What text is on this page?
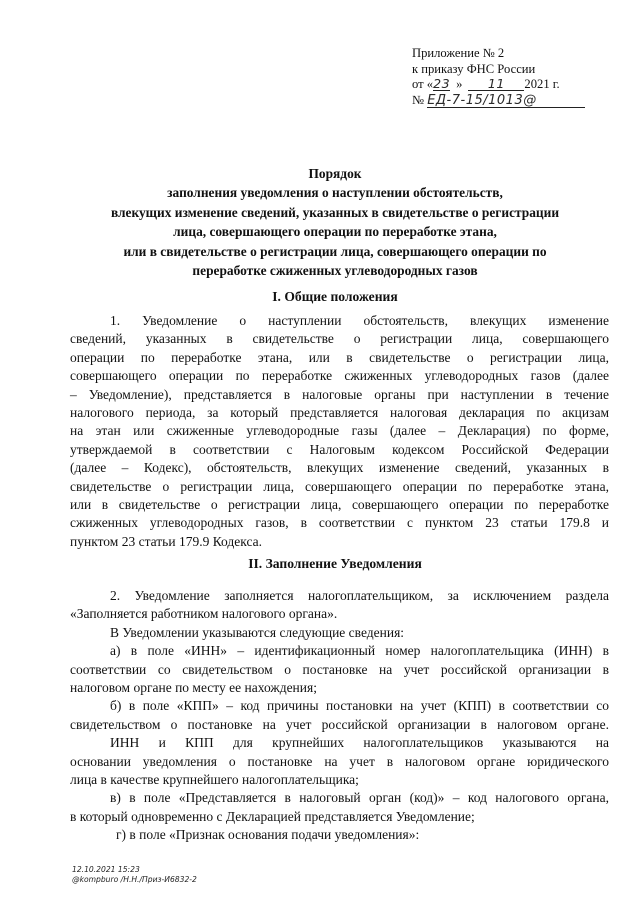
Приложение № 2
к приказу ФНС России
от «23 » 11 2021 г.
№ ЕД-7-15/1013@
Порядок
заполнения уведомления о наступлении обстоятельств,
влекущих изменение сведений, указанных в свидетельстве о регистрации
лица, совершающего операции по переработке этана,
или в свидетельстве о регистрации лица, совершающего операции по
переработке сжиженных углеводородных газов
I. Общие положения
1. Уведомление о наступлении обстоятельств, влекущих изменение
сведений, указанных в свидетельстве о регистрации лица, совершающего
операции по переработке этана, или в свидетельстве о регистрации лица,
совершающего операции по переработке сжиженных углеводородных газов (далее
– Уведомление), представляется в налоговые органы при наступлении в течение
налогового периода, за который представляется налоговая декларация по акцизам
на этан или сжиженные углеводородные газы (далее – Декларация) по форме,
утверждаемой в соответствии с Налоговым кодексом Российской Федерации
(далее – Кодекс), обстоятельств, влекущих изменение сведений, указанных в
свидетельстве о регистрации лица, совершающего операции по переработке этана,
или в свидетельстве о регистрации лица, совершающего операции по переработке
сжиженных углеводородных газов, в соответствии с пунктом 23 статьи 179.8 и
пунктом 23 статьи 179.9 Кодекса.
II. Заполнение Уведомления
2. Уведомление заполняется налогоплательщиком, за исключением раздела
«Заполняется работником налогового органа».
В Уведомлении указываются следующие сведения:
а) в поле «ИНН» – идентификационный номер налогоплательщика (ИНН) в
соответствии со свидетельством о постановке на учет российской организации в
налоговом органе по месту ее нахождения;
б) в поле «КПП» – код причины постановки на учет (КПП) в соответствии со
свидетельством о постановке на учет российской организации в налоговом органе.
ИНН и КПП для крупнейших налогоплательщиков указываются на
основании уведомления о постановке на учет в налоговом органе юридического
лица в качестве крупнейшего налогоплательщика;
в) в поле «Представляется в налоговый орган (код)» – код налогового органа,
в который одновременно с Декларацией представляется Уведомление;
г) в поле «Признак основания подачи уведомления»:
12.10.2021 15:23
@kompburo /Н.Н./Приз-И6832-2
